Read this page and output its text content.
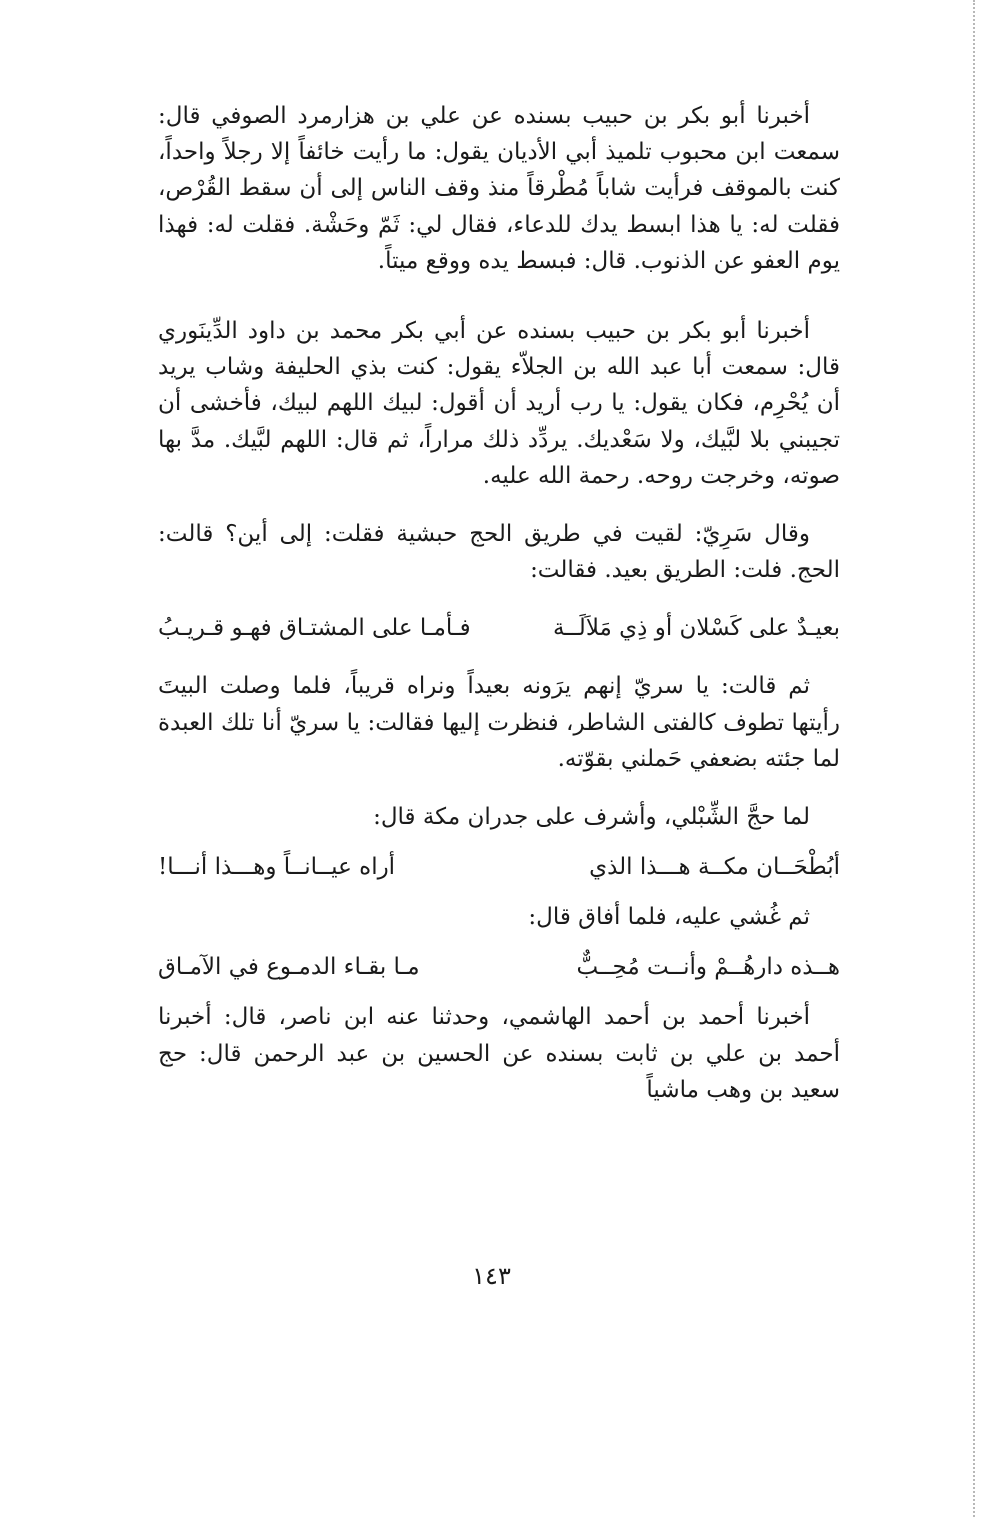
أخبرنا أبو بكر بن حبيب بسنده عن علي بن هزارمرد الصوفي قال: سمعت ابن محبوب تلميذ أبي الأديان يقول: ما رأيت خائفاً إلا رجلاً واحداً، كنت بالموقف فرأيت شاباً مُطْرقاً منذ وقف الناس إلى أن سقط القُرْص، فقلت له: يا هذا ابسط يدك للدعاء، فقال لي: ثَمّ وحَشْة. فقلت له: فهذا يوم العفو عن الذنوب. قال: فبسط يده ووقع ميتاً.

أخبرنا أبو بكر بن حبيب بسنده عن أبي بكر محمد بن داود الدِّينَوري قال: سمعت أبا عبد الله بن الجلاّء يقول: كنت بذي الحليفة وشاب يريد أن يُحْرِم، فكان يقول: يا رب أريد أن أقول: لبيك اللهم لبيك، فأخشى أن تجيبني بلا لبَّيك، ولا سَعْديك. يردِّد ذلك مراراً، ثم قال: اللهم لبَّيك. مدَّ بها صوته، وخرجت روحه. رحمة الله عليه.

وقال سَرِيّ: لقيت في طريق الحج حبشية فقلت: إلى أين؟ قالت: الحج. فلت: الطريق بعيد. فقالت:

بعيـدٌ على كَسْلان أو ذِي مَلاَلَــة
فـأمـا على المشتـاق فهـو قـريـبُ

ثم قالت: يا سريّ إنهم يرَونه بعيداً ونراه قريباً، فلما وصلت البيتَ رأيتها تطوف كالفتى الشاطر، فنظرت إليها فقالت: يا سريّ أنا تلك العبدة لما جئته بضعفي حَملني بقوّته.

لما حجَّ الشِّبْلي، وأشرف على جدران مكة قال:

أبُطْحَــان مكــة هـــذا الذي
أراه عيــانــاً وهـــذا أنـــا!

ثم غُشي عليه، فلما أفاق قال:

هــذه دارهُــمْ وأنــت مُحِــبٌّ
مـا بقـاء الدمـوع في الآمـاق

أخبرنا أحمد بن أحمد الهاشمي، وحدثنا عنه ابن ناصر، قال: أخبرنا أحمد بن علي بن ثابت بسنده عن الحسين بن عبد الرحمن قال: حج سعيد بن وهب ماشياً

١٤٣
